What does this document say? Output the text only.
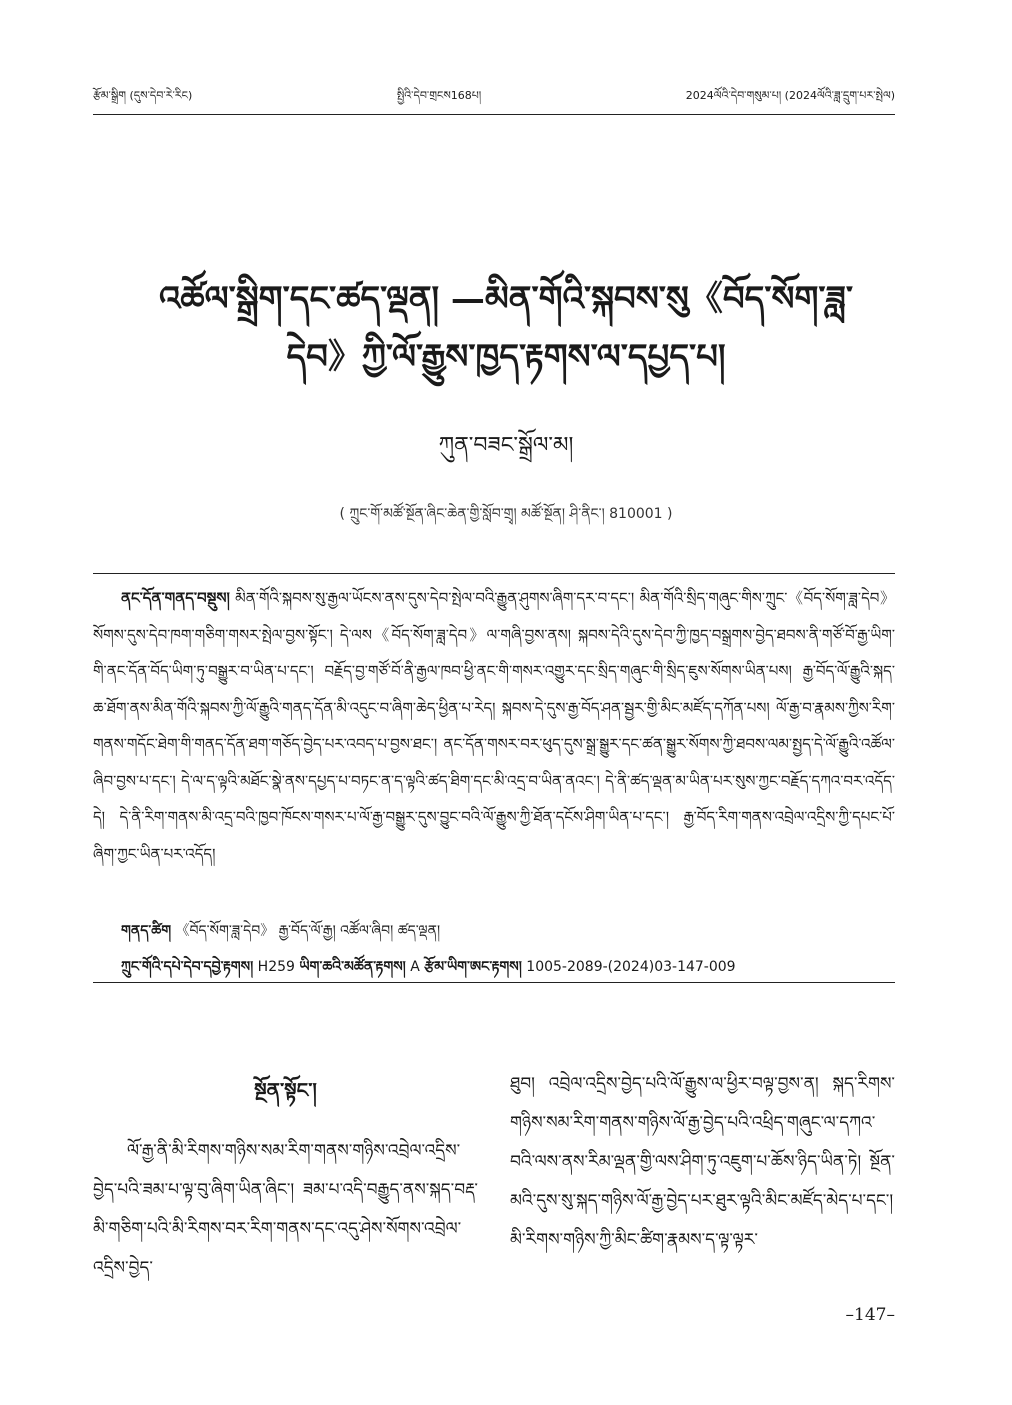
རྩོམ་སྒྲིག (དུས་དེབ་རེ་རིང)	སྤྱིའི་དེབ་གྲངས168པ།	2024ལོའི་དེབ་གསུམ་པ། (2024ལོའི་ཟླ་དྲུག་པར་སྤེལ)
འཚོལ་སྒྲིག་དང་ཚད་ལྡན། —མིན་གོའི་སྐབས་སུ《བོད་སོག་ཟླ་དེབ》ཀྱི་ལོ་རྒྱུས་ཁྱད་རྟགས་ལ་དཔྱད་པ།
ཀུན་བཟང་སྒྲོལ་མ།
( ཀྲུང་གོ་མཚོ་སྔོན་ཞིང་ཆེན་གྱི་སློབ་གྲྭ། མཚོ་སྔོན། ཤི་ནིང་། 810001 )
ནང་དོན་གནད་བསྡུས། མིན་གོའི་སྐབས་སུ་རྒྱལ་ཡོངས་ནས་དུས་དེབ་སྤེལ་བའི་རྒྱུན་ཤུགས་ཞིག་དར་བ་དང་། མིན་གོའི་སྲིད་གཞུང་གིས་ཀྲུང་《བོད་སོག་ཟླ་དེབ》སོགས་དུས་དེབ་ཁག་གཅིག་གསར་སྤེལ་བྱས་སྟོང་། དེ་ལས《བོད་སོག་ཟླ་དེབ》ལ་གཞི་བྱས་ནས། སྐབས་དེའི་དུས་དེབ་ཀྱི་ཁྱད་བསྒྲགས་བྱེད་ཐབས་ནི་གཙོ་བོ་རྒྱ་ཡིག་གི་ནང་དོན་བོད་ཡིག་ཏུ་བསྒྱུར་བ་ཡིན་པ་དང་། བརྗོད་བྱ་གཙོ་བོ་ནི་རྒྱལ་ཁབ་ཕྱི་ནང་གི་གསར་འགྱུར་དང་སྲིད་གཞུང་གི་སྲིད་ཇུས་སོགས་ཡིན་པས། རྒྱ་བོད་ལོ་རྒྱུའི་སྐད་ཆ་ཐོག་ནས་མིན་གོའི་སྐབས་ཀྱི་ལོ་རྒྱུའི་གནད་དོན་མི་འདུང་བ་ཞིག་ཆེད་ཕྱིན་པ་རེད། སྐབས་དེ་དུས་རྒྱ་བོད་ཤན་སྦྱར་གྱི་མིང་མཛོད་དཀོན་པས། ལོ་རྒྱ་བ་རྣམས་ཀྱིས་རིག་གནས་གདོང་ཐེག་གི་གནད་དོན་ཐག་གཅོད་བྱེད་པར་འབད་པ་བྱས་ཐང་། ནང་དོན་གསར་བར་ཕུད་དུས་སྒྲ་སྒྱུར་དང་ཚན་སྒྱུར་སོགས་ཀྱི་ཐབས་ལམ་སྤྱད་དེ་ལོ་རྒྱུའི་འཚོལ་ཞིབ་བྱས་པ་དང་། དེ་ལ་ད་ལྟའི་མཐོང་སྣེ་ནས་དཔྱད་པ་བཏང་ན་ད་ལྟའི་ཚད་ཐིག་དང་མི་འདྲ་བ་ཡིན་ནའང་། དེ་ནི་ཚད་ལྡན་མ་ཡིན་པར་སུས་ཀྱང་བརྗོད་དཀའ་བར་འདོད་དེ། དེ་ནི་རིག་གནས་མི་འདྲ་བའི་ཁྱབ་ཁོངས་གསར་པ་ལོ་རྒྱ་བསྒྱུར་དུས་བྱུང་བའི་ལོ་རྒྱུས་ཀྱི་ཐོན་དངོས་ཤིག་ཡིན་པ་དང་། རྒྱ་བོད་རིག་གནས་འབྲེལ་འདྲིས་ཀྱི་དཔང་པོ་ཞིག་ཀྱང་ཡིན་པར་འདོད།
གནད་ཚིག 《བོད་སོག་ཟླ་དེབ》 རྒྱ་བོད་ལོ་རྒྱ། འཚོལ་ཞིབ། ཚད་ལྡན།
ཀྲུང་གོའི་དཔེ་དེབ་དབྱེ་རྟགས། H259 ཡིག་ཆའི་མཚོན་རྟགས། A རྩོམ་ཡིག་ཨང་རྟགས། 1005-2089-(2024)03-147-009
སྔོན་སྟོང་།

ལོ་རྒྱ་ནི་མི་རིགས་གཉིས་སམ་རིག་གནས་གཉིས་འབྲེལ་འདྲིས་བྱེད་པའི་ཟམ་པ་ལྟ་བུ་ཞིག་ཡིན་ཞིང་། ཟམ་པ་འདི་བརྒྱུད་ནས་སྐད་བརྡ་མི་གཅིག་པའི་མི་རིགས་བར་རིག་གནས་དང་འདུ་ཤེས་སོགས་འབྲེལ་འདྲིས་བྱེད་

ཐུབ། འབྲེལ་འདྲིས་བྱེད་པའི་ལོ་རྒྱུས་ལ་ཕྱིར་བལྟ་བྱས་ན། སྐད་རིགས་གཉིས་སམ་རིག་གནས་གཉིས་ལོ་རྒྱ་བྱེད་པའི་འཕྲིད་གཞུང་ལ་དཀའ་བའི་ལས་ནས་རིམ་ལྡན་གྱི་ལས་ཤིག་ཏུ་འཇུག་པ་ཆོས་ཉིད་ཡིན་ཏེ། སྔོན་མའི་དུས་སུ་སྐད་གཉིས་ལོ་རྒྱ་བྱེད་པར་ཐུར་ལྟའི་མིང་མཛོད་མེད་པ་དང་། མི་རིགས་གཉིས་ཀྱི་མིང་ཚིག་རྣམས་ད་ལྟ་ལྟར་

–147–
